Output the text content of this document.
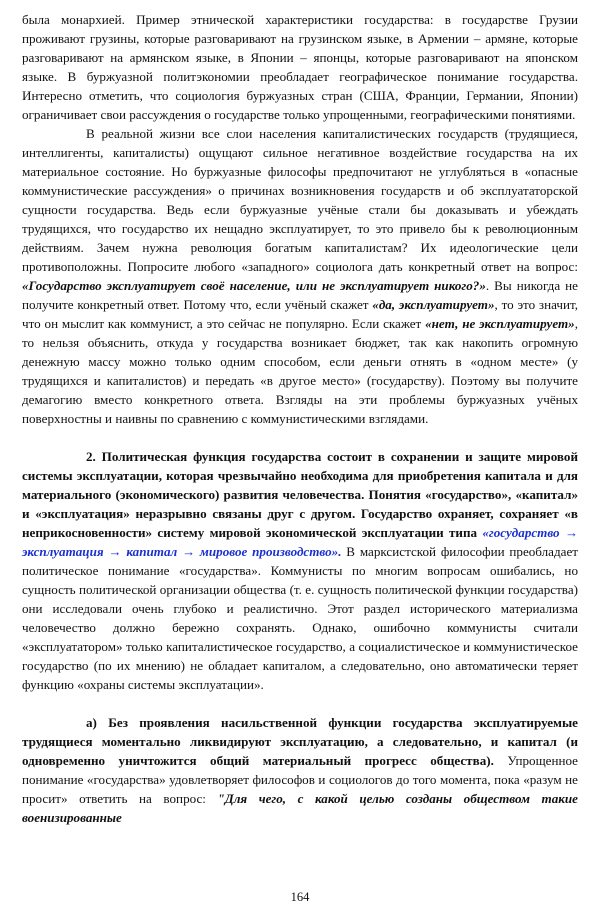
была монархией. Пример этнической характеристики государства: в государстве Грузии проживают грузины, которые разговаривают на грузинском языке, в Армении – армяне, которые разговаривают на армянском языке, в Японии – японцы, которые разговаривают на японском языке. В буржуазной политэкономии преобладает географическое понимание государства. Интересно отметить, что социология буржуазных стран (США, Франции, Германии, Японии) ограничивает свои рассуждения о государстве только упрощенными, географическими понятиями.

В реальной жизни все слои населения капиталистических государств (трудящиеся, интеллигенты, капиталисты) ощущают сильное негативное воздействие государства на их материальное состояние. Но буржуазные философы предпочитают не углубляться в «опасные коммунистические рассуждения» о причинах возникновения государств и об эксплуататорской сущности государства. Ведь если буржуазные учёные стали бы доказывать и убеждать трудящихся, что государство их нещадно эксплуатирует, то это привело бы к революционным действиям. Зачем нужна революция богатым капиталистам? Их идеологические цели противоположны. Попросите любого «западного» социолога дать конкретный ответ на вопрос: «Государство эксплуатирует своё население, или не эксплуатирует никого?». Вы никогда не получите конкретный ответ. Потому что, если учёный скажет «да, эксплуатирует», то это значит, что он мыслит как коммунист, а это сейчас не популярно. Если скажет «нет, не эксплуатирует», то нельзя объяснить, откуда у государства возникает бюджет, так как накопить огромную денежную массу можно только одним способом, если деньги отнять в «одном месте» (у трудящихся и капиталистов) и передать «в другое место» (государству). Поэтому вы получите демагогию вместо конкретного ответа. Взгляды на эти проблемы буржуазных учёных поверхностны и наивны по сравнению с коммунистическими взглядами.

2. Политическая функция государства состоит в сохранении и защите мировой системы эксплуатации, которая чрезвычайно необходима для приобретения капитала и для материального (экономического) развития человечества. Понятия «государство», «капитал» и «эксплуатация» неразрывно связаны друг с другом. Государство охраняет, сохраняет «в неприкосновенности» систему мировой экономической эксплуатации типа «государство → эксплуатация → капитал → мировое производство». В марксистской философии преобладает политическое понимание «государства». Коммунисты по многим вопросам ошибались, но сущность политической организации общества (т. е. сущность политической функции государства) они исследовали очень глубоко и реалистично. Этот раздел исторического материализма человечество должно бережно сохранять. Однако, ошибочно коммунисты считали «эксплуататором» только капиталистическое государство, а социалистическое и коммунистическое государство (по их мнению) не обладает капиталом, а следовательно, оно автоматически теряет функцию «охраны системы эксплуатации».

а) Без проявления насильственной функции государства эксплуатируемые трудящиеся моментально ликвидируют эксплуатацию, а следовательно, и капитал (и одновременно уничтожится общий материальный прогресс общества). Упрощенное понимание «государства» удовлетворяет философов и социологов до того момента, пока «разум не просит» ответить на вопрос: "Для чего, с какой целью созданы обществом такие военизированные

164
